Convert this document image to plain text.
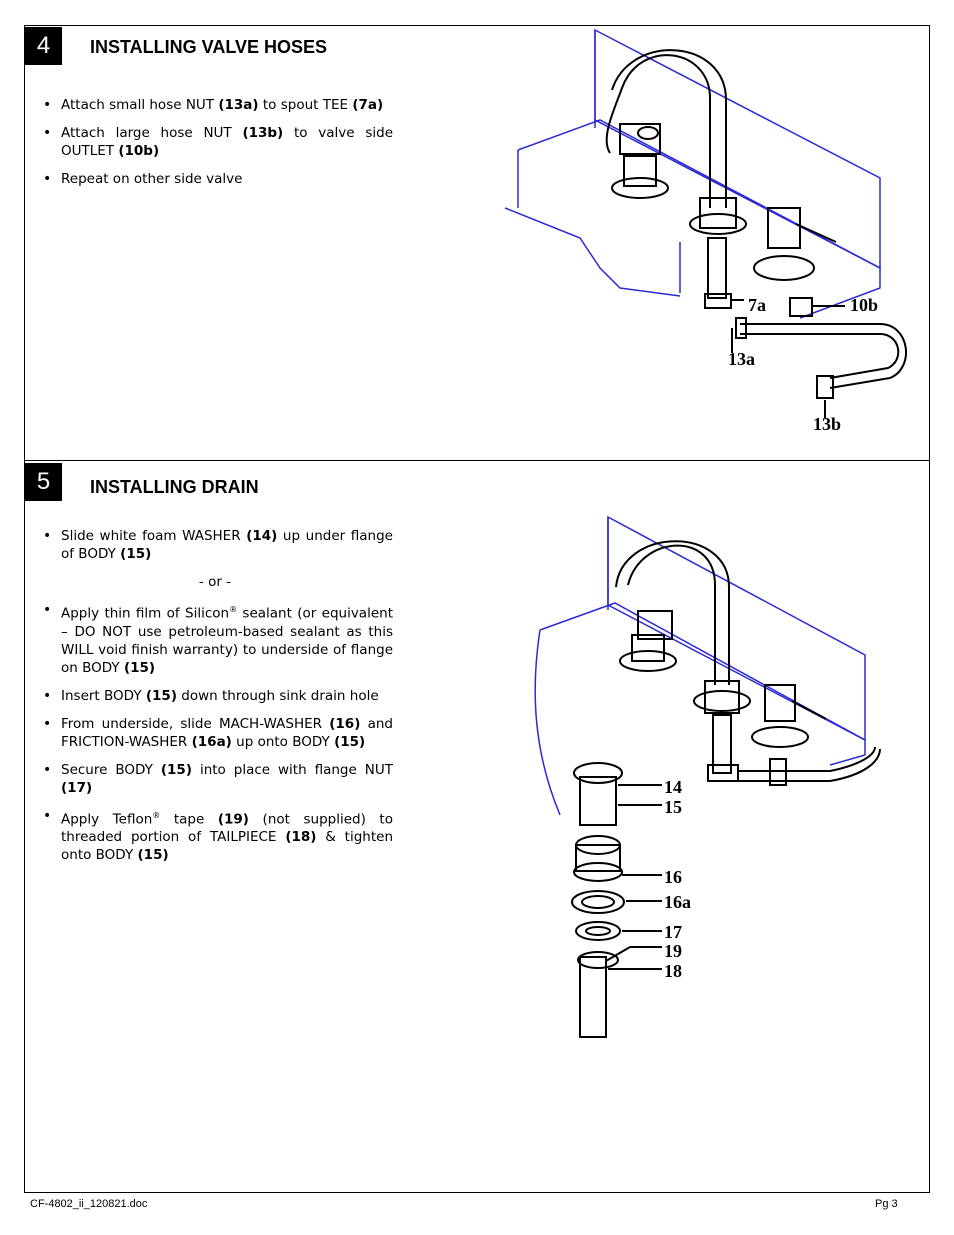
4	INSTALLING VALVE HOSES
• Attach small hose NUT (13a) to spout TEE (7a)
• Attach large hose NUT (13b) to valve side OUTLET (10b)
• Repeat on other side valve
7a	10b
13a
13b
5	INSTALLING DRAIN
• Slide white foam WASHER (14) up under flange of BODY (15)
- or -
• Apply thin film of Silicon® sealant (or equivalent – DO NOT use petroleum-based sealant as this WILL void finish warranty) to underside of flange on BODY (15)
• Insert BODY (15) down through sink drain hole
• From underside, slide MACH-WASHER (16) and FRICTION-WASHER (16a) up onto BODY (15)
• Secure BODY (15) into place with flange NUT (17)
• Apply Teflon® tape (19) (not supplied) to threaded portion of TAILPIECE (18) & tighten onto BODY (15)
14
15
16
16a
17
19
18
CF-4802_ii_120821.doc	Pg 3
